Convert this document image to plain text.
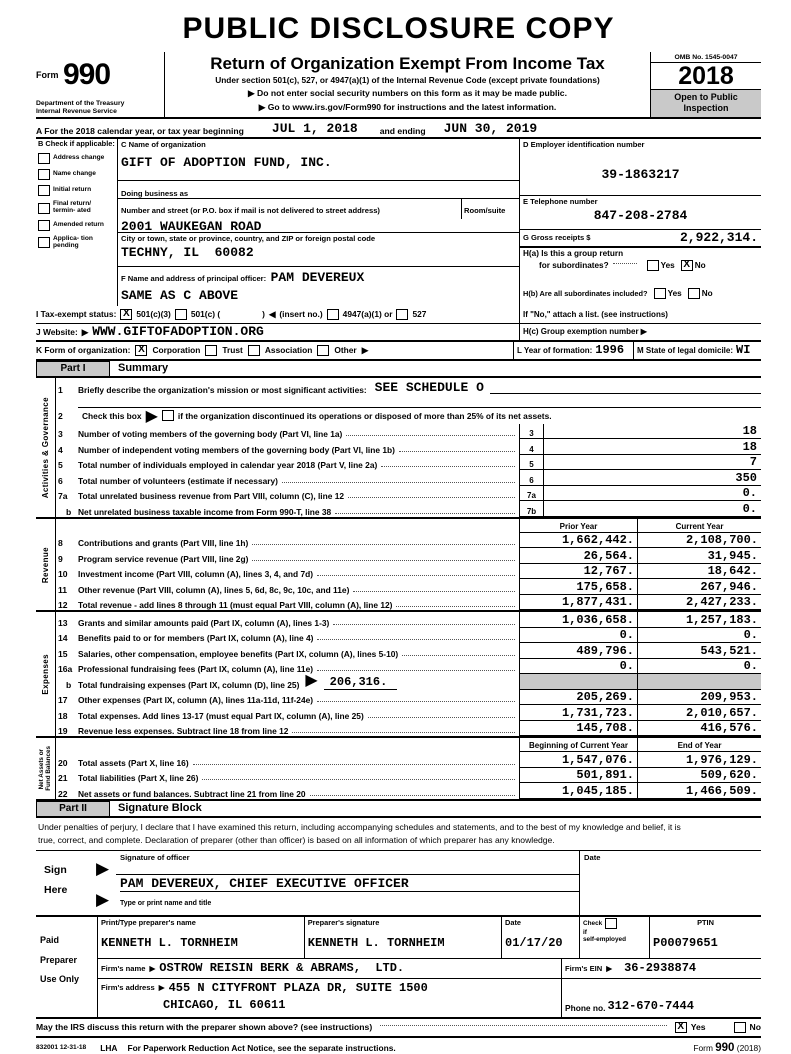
PUBLIC DISCLOSURE COPY
$^{Form}$ 990
Department of the Treasury
Internal Revenue Service
Return of Organization Exempt From Income Tax
Under section 501(c), 527, or 4947(a)(1) of the Internal Revenue Code (except private foundations)
▶ Do not enter social security numbers on this form as it may be made public.
▶ Go to www.irs.gov/Form990 for instructions and the latest information.
OMB No. 1545-0047
2018
Open to Public
Inspection
A For the 2018 calendar year, or tax year beginning JUL 1, 2018	and ending JUN 30, 2019
B Check if applicable:
Address change
Name change
Initial return
Final return/ termin- ated
Amended return
Applica- tion pending
C Name of organization
GIFT OF ADOPTION FUND, INC.
Doing business as
Number and street (or P.O. box if mail is not delivered to street address)	Room/suite
2001 WAUKEGAN ROAD
City or town, state or province, country, and ZIP or foreign postal code
TECHNY, IL  60082
F Name and address of principal officer: PAM DEVEREUX
SAME AS C ABOVE
D Employer identification number
39-1863217
E Telephone number
847-208-2784
G Gross receipts $	2,922,314.
H(a) Is this a group return
for subordinates?	Yes X No
H(b) Are all subordinates included? Yes No
I Tax-exempt status: X 501(c)(3) 501(c) (	) ◀ (insert no.) 4947(a)(1) or 527	If "No," attach a list. (see instructions)
J Website: ▶ WWW.GIFTOFADOPTION.ORG	H(c) Group exemption number
▶
K Form of organization: X Corporation	Trust	Association	Other ▶	L Year of formation: 1996 M State of legal domicile: WI
Part I	Summary
Activities & Governance
1	Briefly describe the organization's mission or most significant activities: SEE SCHEDULE O
2	Check this box ▶ if the organization discontinued its operations or disposed of more than 25% of its net assets.
3	Number of voting members of the governing body (Part VI, line 1a)	3	18
4	Number of independent voting members of the governing body (Part VI, line 1b)	4	18
5	Total number of individuals employed in calendar year 2018 (Part V, line 2a)	5	7
6	Total number of volunteers (estimate if necessary)	6	350
7a	Total unrelated business revenue from Part VIII, column (C), line 12	7a	0.
b Net unrelated business taxable income from Form 990-T, line 38	7b	0.
Revenue
Prior Year	Current Year
8	Contributions and grants (Part VIII, line 1h)	1,662,442.	2,108,700.
9	Program service revenue (Part VIII, line 2g)	26,564.	31,945.
10	Investment income (Part VIII, column (A), lines 3, 4, and 7d)	12,767.	18,642.
11	Other revenue (Part VIII, column (A), lines 5, 6d, 8c, 9c, 10c, and 11e)	175,658.	267,946.
12	Total revenue - add lines 8 through 11 (must equal Part VIII, column (A), line 12)	1,877,431.	2,427,233.
Expenses
13	Grants and similar amounts paid (Part IX, column (A), lines 1-3)	1,036,658.	1,257,183.
14	Benefits paid to or for members (Part IX, column (A), line 4)	0.	0.
15	Salaries, other compensation, employee benefits (Part IX, column (A), lines 5-10)	489,796.	543,521.
16a Professional fundraising fees (Part IX, column (A), line 11e)	0.	0.
b Total fundraising expenses (Part IX, column (D), line 25) ▶	206,316.
17	Other expenses (Part IX, column (A), lines 11a-11d, 11f-24e)	205,269.	209,953.
18	Total expenses. Add lines 13-17 (must equal Part IX, column (A), line 25)	1,731,723.	2,010,657.
19	Revenue less expenses. Subtract line 18 from line 12	145,708.	416,576.
Net Assets or Fund Balances
Beginning of Current Year	End of Year
20	Total assets (Part X, line 16)	1,547,076.	1,976,129.
21	Total liabilities (Part X, line 26)	501,891.	509,620.
22	Net assets or fund balances. Subtract line 21 from line 20	1,045,185.	1,466,509.
Part II	Signature Block
Under penalties of perjury, I declare that I have examined this return, including accompanying schedules and statements, and to the best of my knowledge and belief, it is
true, correct, and complete. Declaration of preparer (other than officer) is based on all information of which preparer has any knowledge.
Sign
Here
▶
▶
Signature of officer
PAM DEVEREUX, CHIEF EXECUTIVE OFFICER
Type or print name and title
Date
Paid
Preparer
Use Only
Print/Type preparer's name
KENNETH L. TORNHEIM
Preparer's signature
KENNETH L. TORNHEIM
Date
01/17/20
Check
if
self-employed
PTIN
P00079651
Firm's name ▶ OSTROW REISIN BERK & ABRAMS,  LTD.	Firm's EIN ▶ 36-2938874
Firm's address ▶ 455 N CITYFRONT PLAZA DR, SUITE 1500
CHICAGO, IL 60611	Phone no. 312-670-7444
May the IRS discuss this return with the preparer shown above? (see instructions)	X Yes	No
832001 12-31-18 LHA For Paperwork Reduction Act Notice, see the separate instructions.	Form 990 (2018)
